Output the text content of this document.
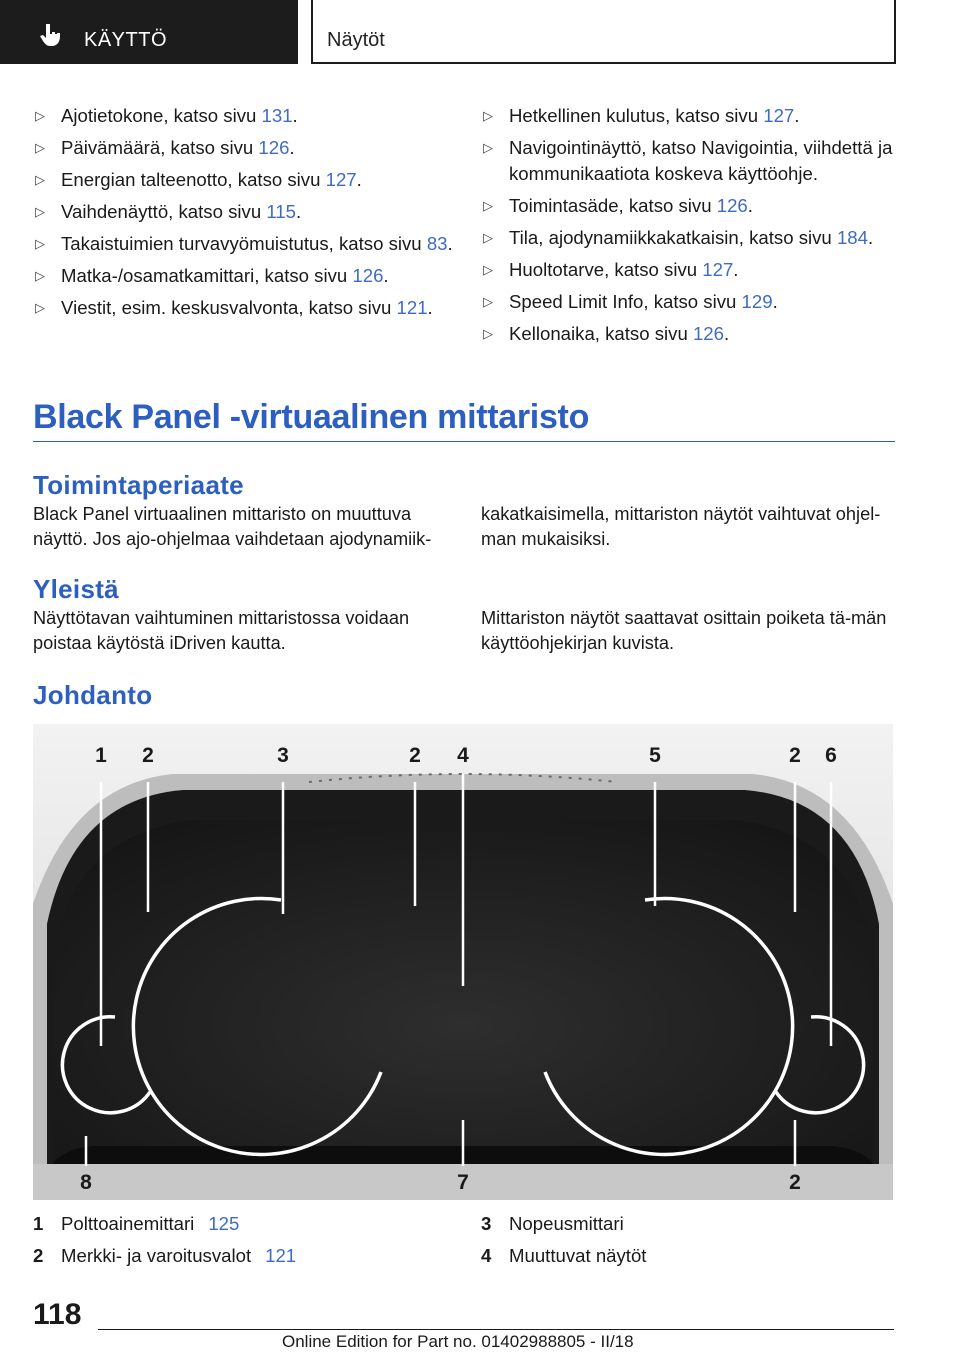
KÄYTTÖ	Näytöt
▷ Ajotietokone, katso sivu 131.
▷ Päivämäärä, katso sivu 126.
▷ Energian talteenotto, katso sivu 127.
▷ Vaihdenäyttö, katso sivu 115.
▷ Takaistuimien turvavyömuistutus, katso sivu 83.
▷ Matka-/osamatkamittari, katso sivu 126.
▷ Viestit, esim. keskusvalvonta, katso sivu 121.
▷ Hetkellinen kulutus, katso sivu 127.
▷ Navigointinäyttö, katso Navigointia, viihdettä ja kommunikaatiota koskeva käyttöohje.
▷ Toimintasäde, katso sivu 126.
▷ Tila, ajodynamiikkakatkaisin, katso sivu 184.
▷ Huoltotarve, katso sivu 127.
▷ Speed Limit Info, katso sivu 129.
▷ Kellonaika, katso sivu 126.
Black Panel -virtuaalinen mittaristo
Toimintaperiaate

Black Panel virtuaalinen mittaristo on muuttuva näyttö. Jos ajo-ohjelmaa vaihdetaan ajodynamiik-

kakatkaisimella, mittariston näytöt vaihtuvat ohjel-man mukaisiksi.

Yleistä

Näyttötavan vaihtuminen mittaristossa voidaan poistaa käytöstä iDriven kautta.

Mittariston näytöt saattavat osittain poiketa tä-män käyttöohjekirjan kuvista.

Johdanto
1 2	3	2 4	5	2 6
8	7	2
1 Polttoainemittari 125
2 Merkki- ja varoitusvalot 121
3 Nopeusmittari
4 Muuttuvat näytöt
118
Online Edition for Part no. 01402988805 - II/18
